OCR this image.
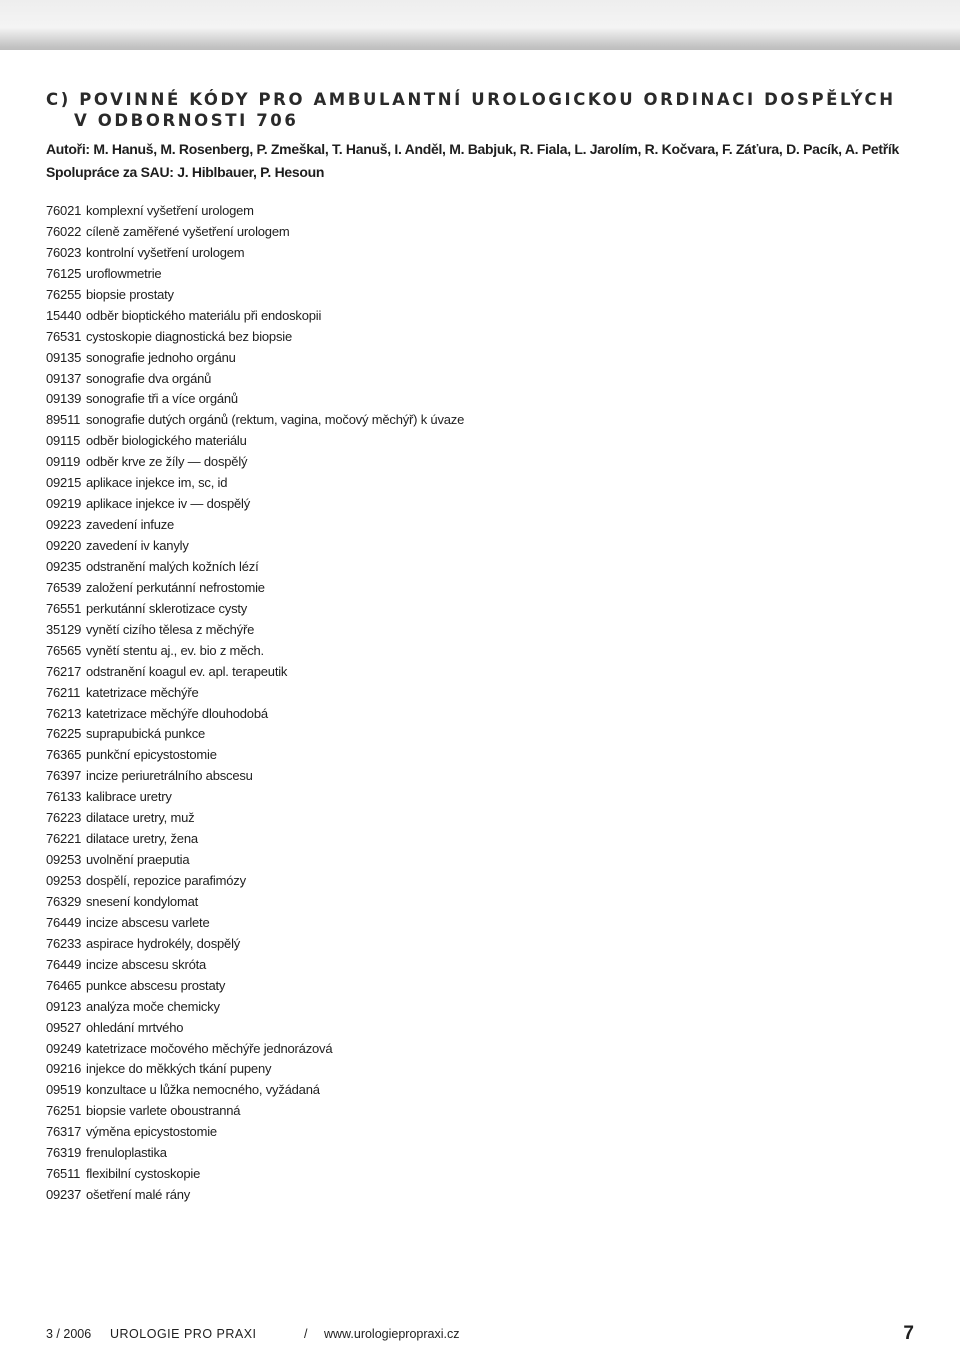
C) POVINNÉ KÓDY PRO AMBULANTNÍ UROLOGICKOU ORDINACI DOSPĚLÝCH
V ODBORNOSTI 706
Autoři: M. Hanuš, M. Rosenberg, P. Zmeškal, T. Hanuš, I. Anděl, M. Babjuk, R. Fiala, L. Jarolím, R. Kočvara, F. Záťura, D. Pacík, A. Petřík
Spolupráce za SAU: J. Hiblbauer, P. Hesoun
76021 komplexní vyšetření urologem
76022 cíleně zaměřené vyšetření urologem
76023 kontrolní vyšetření urologem
76125 uroflowmetrie
76255 biopsie prostaty
15440 odběr bioptického materiálu při endoskopii
76531 cystoskopie diagnostická bez biopsie
09135 sonografie jednoho orgánu
09137 sonografie dva orgánů
09139 sonografie tři a více orgánů
89511 sonografie dutých orgánů (rektum, vagina, močový měchýř) k úvaze
09115 odběr biologického materiálu
09119 odběr krve ze žíly — dospělý
09215 aplikace injekce im, sc, id
09219 aplikace injekce iv — dospělý
09223 zavedení infuze
09220 zavedení iv kanyly
09235 odstranění malých kožních lézí
76539 založení perkutánní nefrostomie
76551 perkutánní sklerotizace cysty
35129 vynětí cizího tělesa z měchýře
76565 vynětí stentu aj., ev. bio z měch.
76217 odstranění koagul ev. apl. terapeutik
76211 katetrizace měchýře
76213 katetrizace měchýře dlouhodobá
76225 suprapubická punkce
76365 punkční epicystostomie
76397 incize periuretrálního abscesu
76133 kalibrace uretry
76223 dilatace uretry, muž
76221 dilatace uretry, žena
09253 uvolnění praeputia
09253 dospělí, repozice parafimózy
76329 snesení kondylomat
76449 incize abscesu varlete
76233 aspirace hydrokély, dospělý
76449 incize abscesu skróta
76465 punkce abscesu prostaty
09123 analýza moče chemicky
09527 ohledání mrtvého
09249 katetrizace močového měchýře jednorázová
09216 injekce do měkkých tkání pupeny
09519 konzultace u lůžka nemocného, vyžádaná
76251 biopsie varlete oboustranná
76317 výměna epicystostomie
76319 frenuloplastika
76511 flexibilní cystoskopie
09237 ošetření malé rány
3 / 2006 UROLOGIE PRO PRAXI	/ www.urologiepropraxi.cz	7
